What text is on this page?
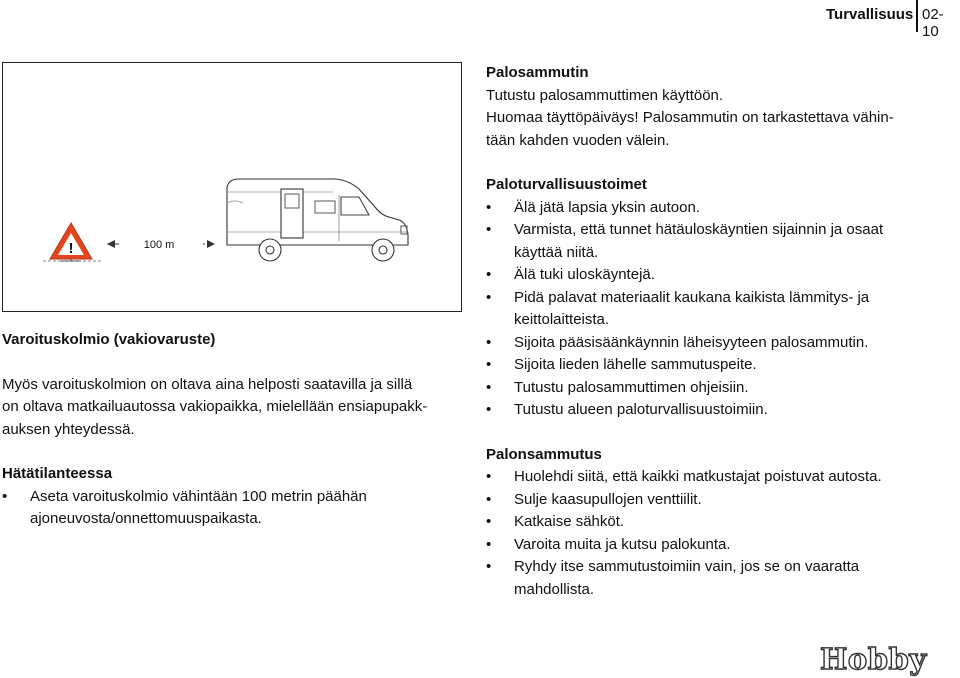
Turvallisuus 02-10
!	100 m
Varoituskolmio (vakiovaruste)

Myös varoituskolmion on oltava aina helposti saatavilla ja sillä
on oltava matkailuautossa vakiopaikka, mielellään ensiapupakk-
auksen yhteydessä.

Hätätilanteessa
• Aseta varoituskolmio vähintään 100 metrin päähän
ajoneuvosta/onnettomuuspaikasta.
Palosammutin

Tutustu palosammuttimen käyttöön.
Huomaa täyttöpäiväys! Palosammutin on tarkastettava vähin-
tään kahden vuoden välein.

Paloturvallisuustoimet
• Älä jätä lapsia yksin autoon.
• Varmista, että tunnet hätäuloskäyntien sijainnin ja osaat
käyttää niitä.
• Älä tuki uloskäyntejä.
• Pidä palavat materiaalit kaukana kaikista lämmitys- ja
keittolaitteista.
• Sijoita pääsisäänkäynnin läheisyyteen palosammutin.
• Sijoita lieden lähelle sammutuspeite.
• Tutustu palosammuttimen ohjeisiin.
• Tutustu alueen paloturvallisuustoimiin.
Palonsammutus
• Huolehdi siitä, että kaikki matkustajat poistuvat autosta.
• Sulje kaasupullojen venttiilit.
• Katkaise sähköt.
• Varoita muita ja kutsu palokunta.
• Ryhdy itse sammutustoimiin vain, jos se on vaaratta
mahdollista.
Hobby
